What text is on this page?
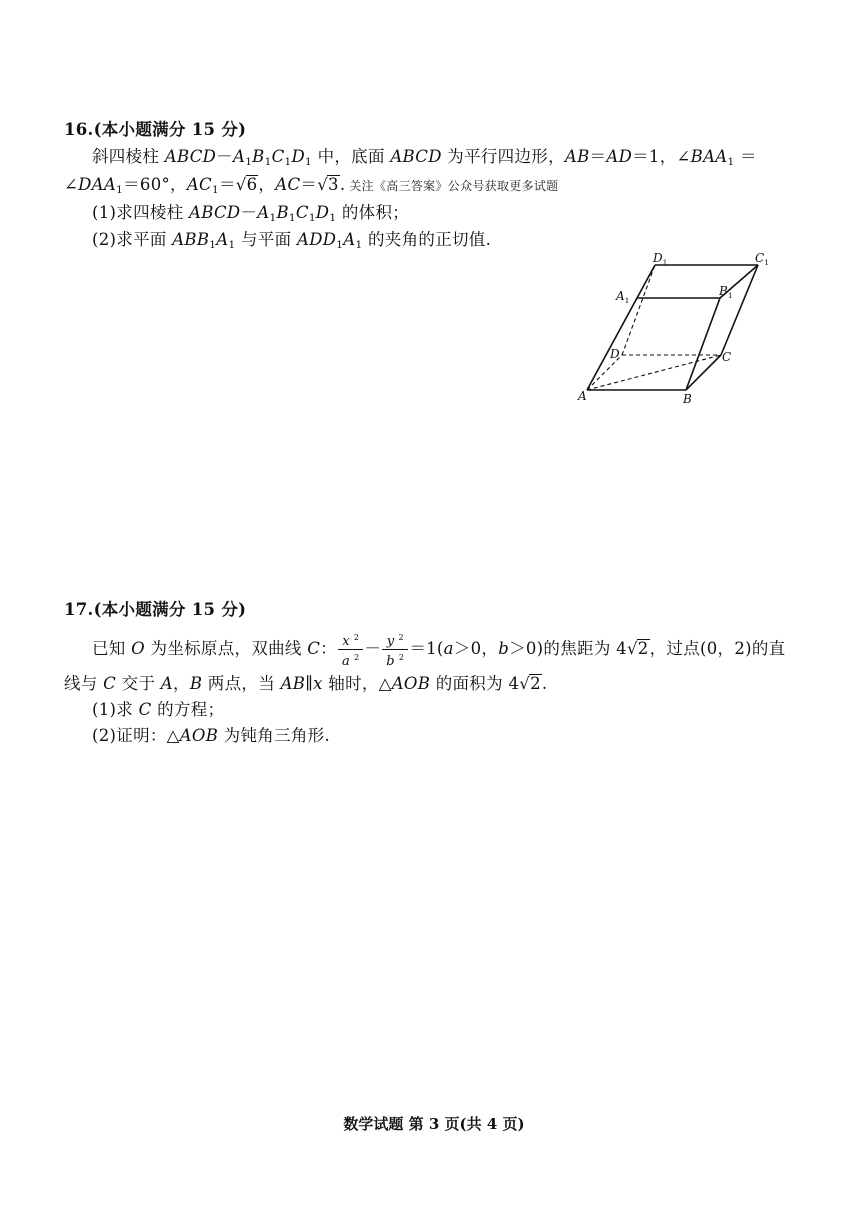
16.(本小题满分 15 分)
斜四棱柱 $ABCD-A_1B_1C_1D_1$ 中，底面 ABCD 为平行四边形，AB＝AD＝1，$\angle BAA_1$ ＝
$\angle DAA_1=60^\circ$，$AC_1=√6$，AC＝√3. 关注《高三答案》公众号获取更多试题
(1)求四棱柱 $ABCD-A_1B_1C_1D_1$ 的体积；
(2)求平面 $ABB_1A_1$ 与平面 $ADD_1A_1$ 的夹角的正切值.
A	B
C
D
$A_1$
$B_1$
$C_1$
$D_1$
17.(本小题满分 15 分)
已知 O 为坐标原点，双曲线 C： $\frac{x ^2}{a ^2} - \frac{y ^2}{b ^2} =1(a>0$，b＞0)的焦距为 4√2，过点(0，2)的直
线与 C 交于 A，B 两点，当 AB∥x 轴时，△AOB 的面积为 4√2.
(1)求 C 的方程；
(2)证明：△AOB 为钝角三角形.
数学试题 第 3 页(共 4 页)
